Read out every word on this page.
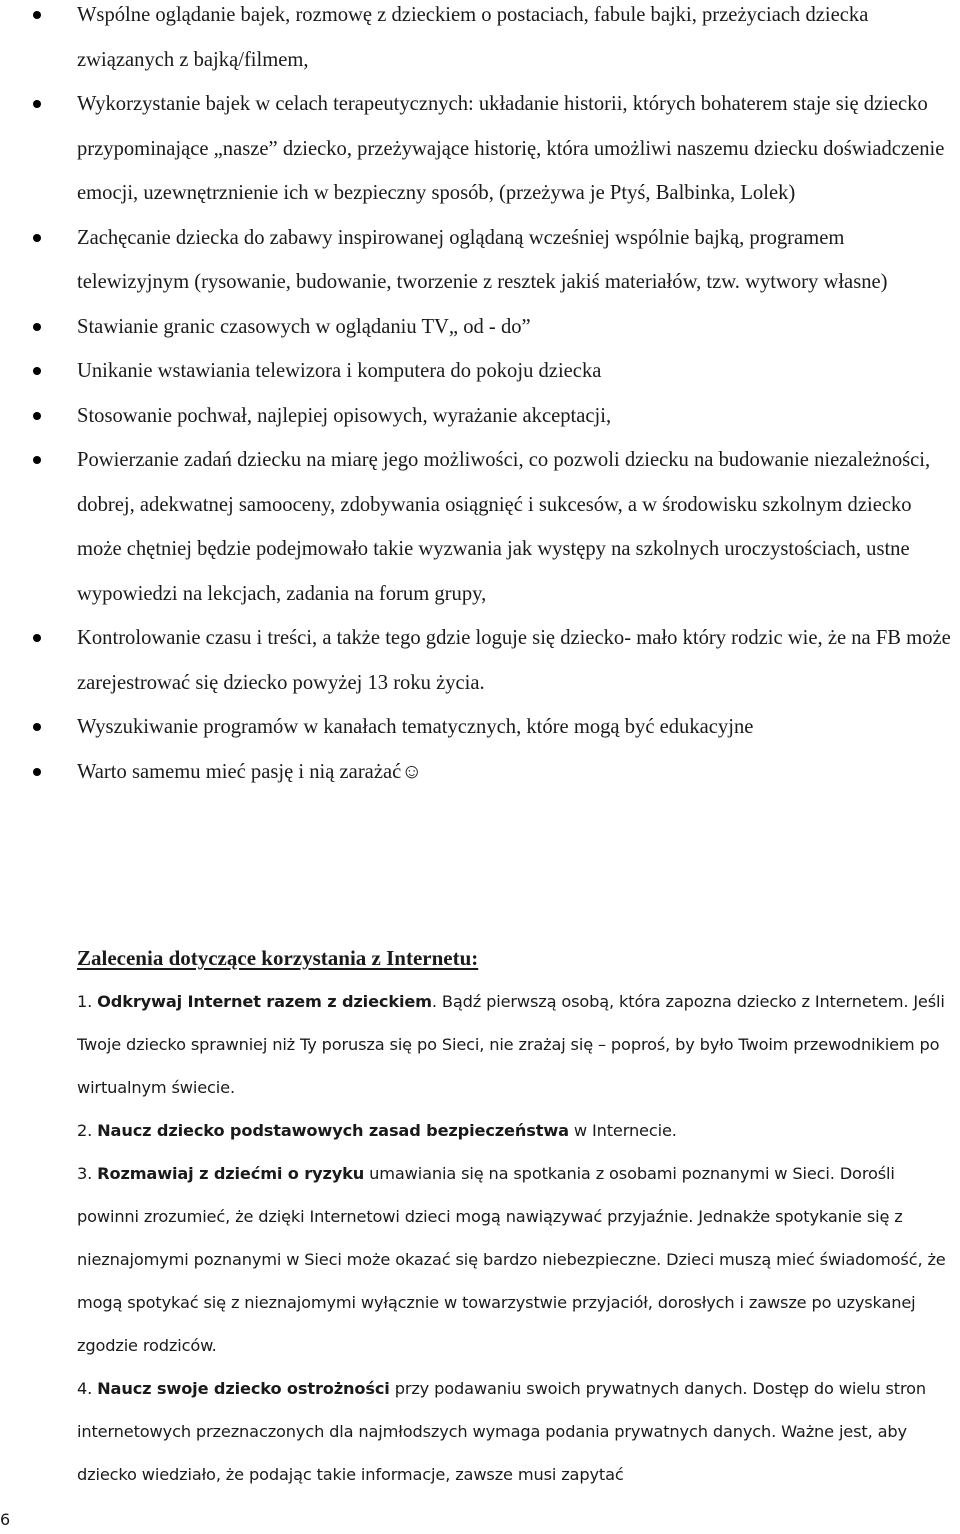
Wspólne oglądanie bajek, rozmowę z dzieckiem o postaciach, fabule bajki, przeżyciach dziecka związanych z bajką/filmem,
Wykorzystanie bajek w celach terapeutycznych: układanie historii, których bohaterem staje się dziecko przypominające „nasze” dziecko, przeżywające historię, która umożliwi naszemu dziecku doświadczenie emocji, uzewnętrznienie ich w bezpieczny sposób, (przeżywa je Ptyś, Balbinka, Lolek)
Zachęcanie dziecka do zabawy inspirowanej oglądaną wcześniej wspólnie bajką, programem telewizyjnym (rysowanie, budowanie, tworzenie z resztek jakiś materiałów, tzw. wytwory własne)
Stawianie granic czasowych w oglądaniu TV„ od - do”
Unikanie wstawiania telewizora i komputera do pokoju dziecka
Stosowanie pochwał, najlepiej opisowych, wyrażanie akceptacji,
Powierzanie zadań dziecku na miarę jego możliwości, co pozwoli dziecku na budowanie niezależności, dobrej, adekwatnej samooceny, zdobywania osiągnięć i sukcesów, a w środowisku szkolnym dziecko może chętniej będzie podejmowało takie wyzwania jak występy na szkolnych uroczystościach, ustne wypowiedzi na lekcjach, zadania na forum grupy,
Kontrolowanie czasu i treści, a także tego gdzie loguje się dziecko- mało który rodzic wie, że na FB może zarejestrować się dziecko powyżej 13 roku życia.
Wyszukiwanie programów w kanałach tematycznych, które mogą być edukacyjne
Warto samemu mieć pasję i nią zarażać☺
Zalecenia dotyczące korzystania z Internetu:

1. Odkrywaj Internet razem z dzieckiem. Bądź pierwszą osobą, która zapozna dziecko z Internetem. Jeśli Twoje dziecko sprawniej niż Ty porusza się po Sieci, nie zrażaj się – poproś, by było Twoim przewodnikiem po wirtualnym świecie.

2. Naucz dziecko podstawowych zasad bezpieczeństwa w Internecie.

3. Rozmawiaj z dziećmi o ryzyku umawiania się na spotkania z osobami poznanymi w Sieci. Dorośli powinni zrozumieć, że dzięki Internetowi dzieci mogą nawiązywać przyjaźnie. Jednakże spotykanie się z nieznajomymi poznanymi w Sieci może okazać się bardzo niebezpieczne. Dzieci muszą mieć świadomość, że mogą spotykać się z nieznajomymi wyłącznie w towarzystwie przyjaciół, dorosłych i zawsze po uzyskanej zgodzie rodziców.

4. Naucz swoje dziecko ostrożności przy podawaniu swoich prywatnych danych. Dostęp do wielu stron internetowych przeznaczonych dla najmłodszych wymaga podania prywatnych danych. Ważne jest, aby dziecko wiedziało, że podając takie informacje, zawsze musi zapytać

6
